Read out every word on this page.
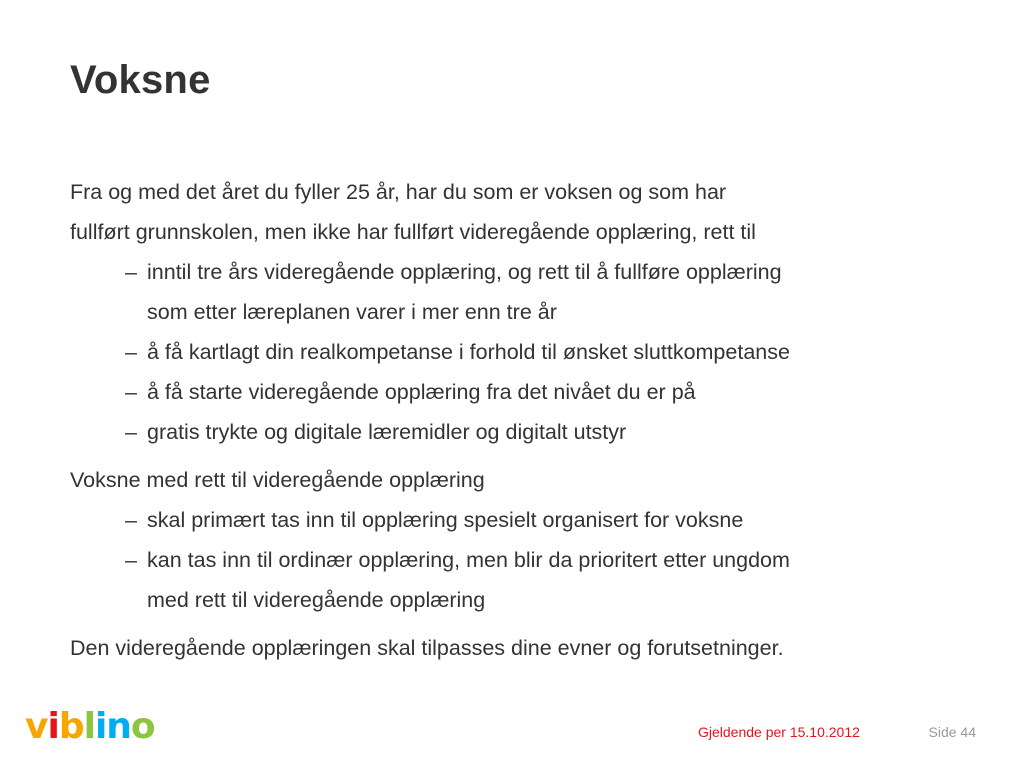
Voksne
Fra og med det året du fyller 25 år, har du som er voksen og som har
fullført grunnskolen, men ikke har fullført videregående opplæring, rett til
– inntil tre års videregående opplæring, og rett til å fullføre opplæring
som etter læreplanen varer i mer enn tre år
– å få kartlagt din realkompetanse i forhold til ønsket sluttkompetanse
– å få starte videregående opplæring fra det nivået du er på
– gratis trykte og digitale læremidler og digitalt utstyr
Voksne med rett til videregående opplæring
– skal primært tas inn til opplæring spesielt organisert for voksne
– kan tas inn til ordinær opplæring, men blir da prioritert etter ungdom
med rett til videregående opplæring
Den videregående opplæringen skal tilpasses dine evner og forutsetninger.
viblino	Gjeldende per 15.10.2012	Side 44
